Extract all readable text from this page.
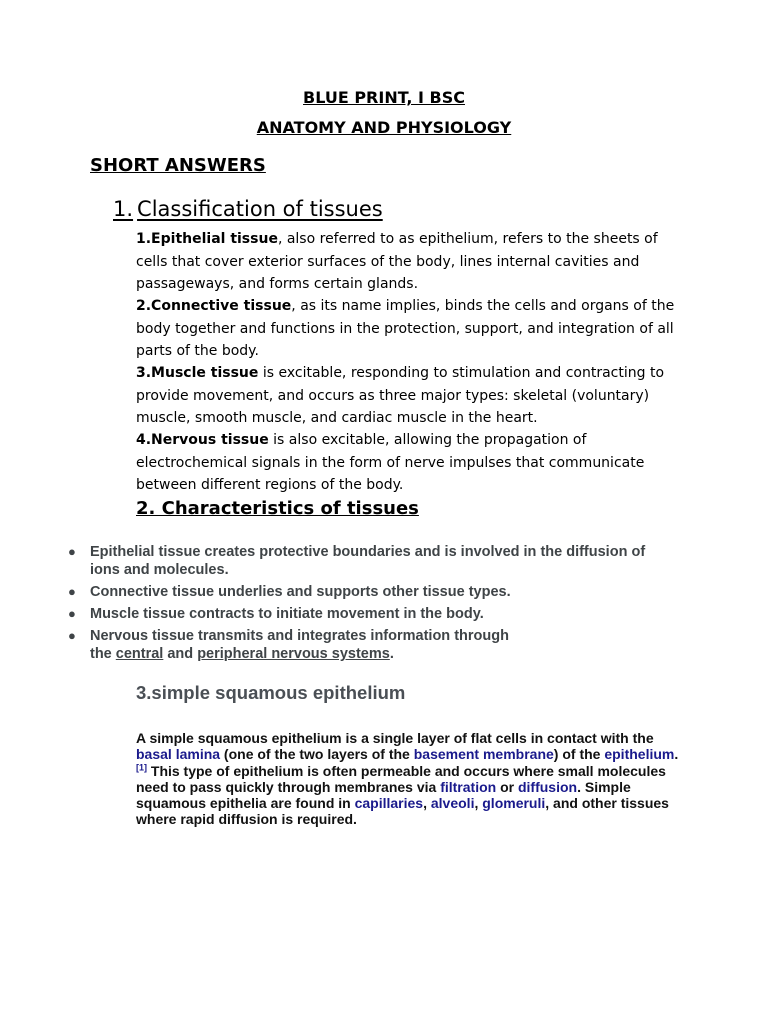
BLUE PRINT, I BSC
ANATOMY AND PHYSIOLOGY
SHORT ANSWERS
1. Classification of tissues
1.Epithelial tissue, also referred to as epithelium, refers to the sheets of cells that cover exterior surfaces of the body, lines internal cavities and passageways, and forms certain glands.
2.Connective tissue, as its name implies, binds the cells and organs of the body together and functions in the protection, support, and integration of all parts of the body.
3.Muscle tissue is excitable, responding to stimulation and contracting to provide movement, and occurs as three major types: skeletal (voluntary) muscle, smooth muscle, and cardiac muscle in the heart.
4.Nervous tissue is also excitable, allowing the propagation of electrochemical signals in the form of nerve impulses that communicate between different regions of the body.
2. Characteristics of tissues
● Epithelial tissue creates protective boundaries and is involved in the diffusion of ions and molecules.
● Connective tissue underlies and supports other tissue types.
● Muscle tissue contracts to initiate movement in the body.
● Nervous tissue transmits and integrates information through the central and peripheral nervous systems.
3.simple squamous epithelium
A simple squamous epithelium is a single layer of flat cells in contact with the basal lamina (one of the two layers of the basement membrane) of the epithelium.[1] This type of epithelium is often permeable and occurs where small molecules need to pass quickly through membranes via filtration or diffusion. Simple squamous epithelia are found in capillaries, alveoli, glomeruli, and other tissues where rapid diffusion is required.
